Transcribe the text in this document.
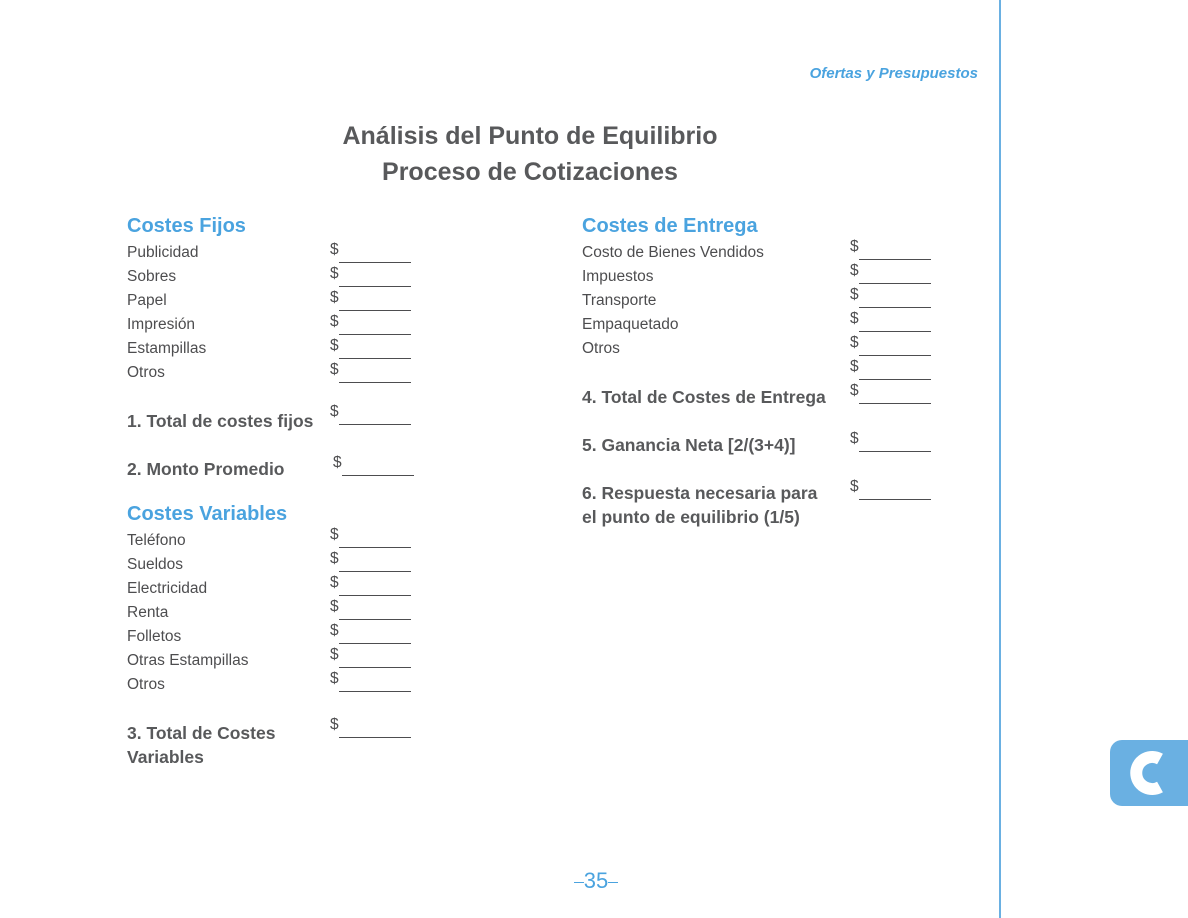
Ofertas y Presupuestos
Análisis del Punto de Equilibrio
Proceso de Cotizaciones
Costes Fijos
Publicidad
Sobres
Papel
Impresión
Estampillas
Otros
$
$
$
$
$
$
1. Total de costes fijos $
2. Monto Promedio	$
Costes Variables
Teléfono
Sueldos
Electricidad
Renta
Folletos
Otras Estampillas
Otros
$
$
$
$
$
$
$
3. Total de Costes
Variables
$
Costes de Entrega
Costo de Bienes Vendidos
Impuestos
Transporte
Empaquetado
Otros
$
$
$
$
$
$
4. Total de Costes de Entrega $
5. Ganancia Neta [2/(3+4)]	$
6. Respuesta necesaria para
el punto de equilibrio (1/5)
$
35
